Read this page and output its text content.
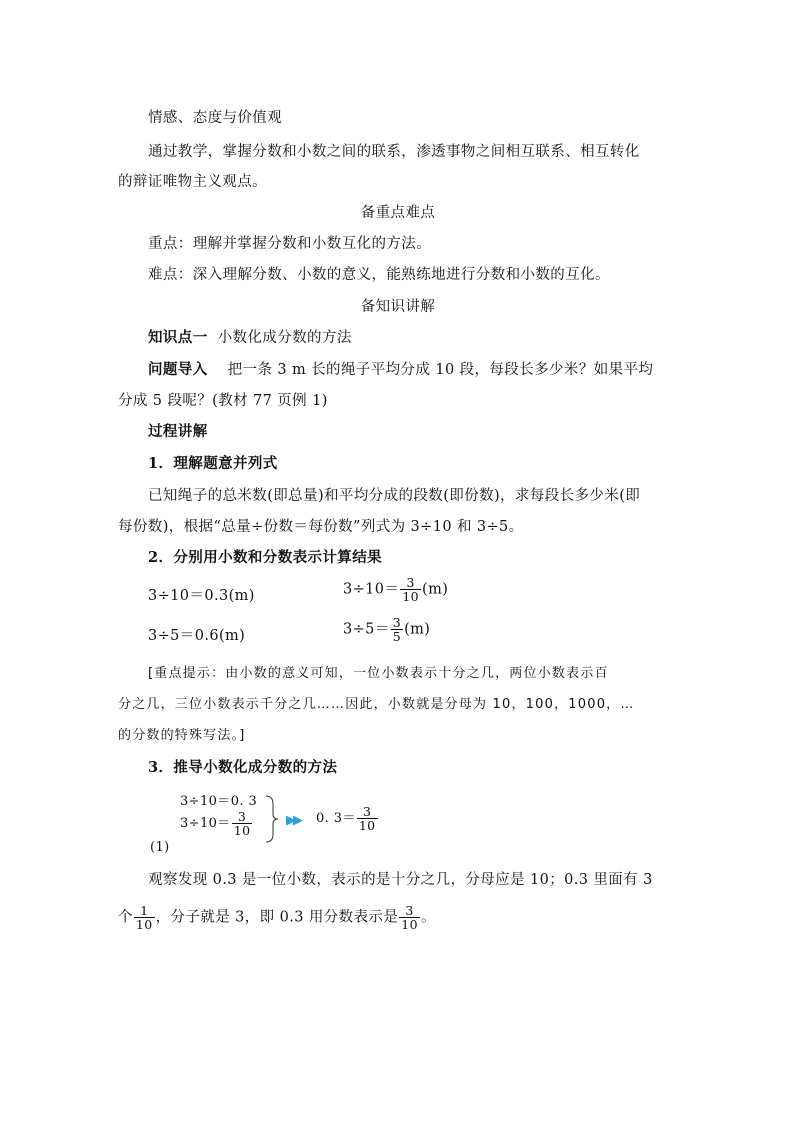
情感、态度与价值观
通过教学，掌握分数和小数之间的联系，渗透事物之间相互联系、相互转化
的辩证唯物主义观点。
备重点难点
重点：理解并掌握分数和小数互化的方法。
难点：深入理解分数、小数的意义，能熟练地进行分数和小数的互化。
备知识讲解
知识点一 小数化成分数的方法
问题导入 把一条 3 m 长的绳子平均分成 10 段，每段长多少米？如果平均
分成 5 段呢？(教材 77 页例 1)
过程讲解
1．理解题意并列式
已知绳子的总米数(即总量)和平均分成的段数(即份数)，求每段长多少米(即
每份数)，根据“总量÷份数＝每份数”列式为 3÷10 和 3÷5。
2．分别用小数和分数表示计算结果
3÷10＝0.3(m)	$3\div 10= \frac{3}{10} (m)$
3÷5＝0.6(m)	$3\div 5= \frac{3}{5} (m)$
[重点提示：由小数的意义可知，一位小数表示十分之几，两位小数表示百
分之几，三位小数表示千分之几……因此，小数就是分母为 10，100，1000，…
的分数的特殊写法。]
3．推导小数化成分数的方法
3÷10＝0. 3
$3\div 10= \frac{3}{10}$	▶▶ 0. $3= \frac{3}{10}$
(1)
观察发现 0.3 是一位小数，表示的是十分之几，分母应是 10；0.3 里面有 3
个 $\frac{1}{10}$ ，分子就是 3，即 0.3 用分数表示是 $\frac{3}{10}$ 。
